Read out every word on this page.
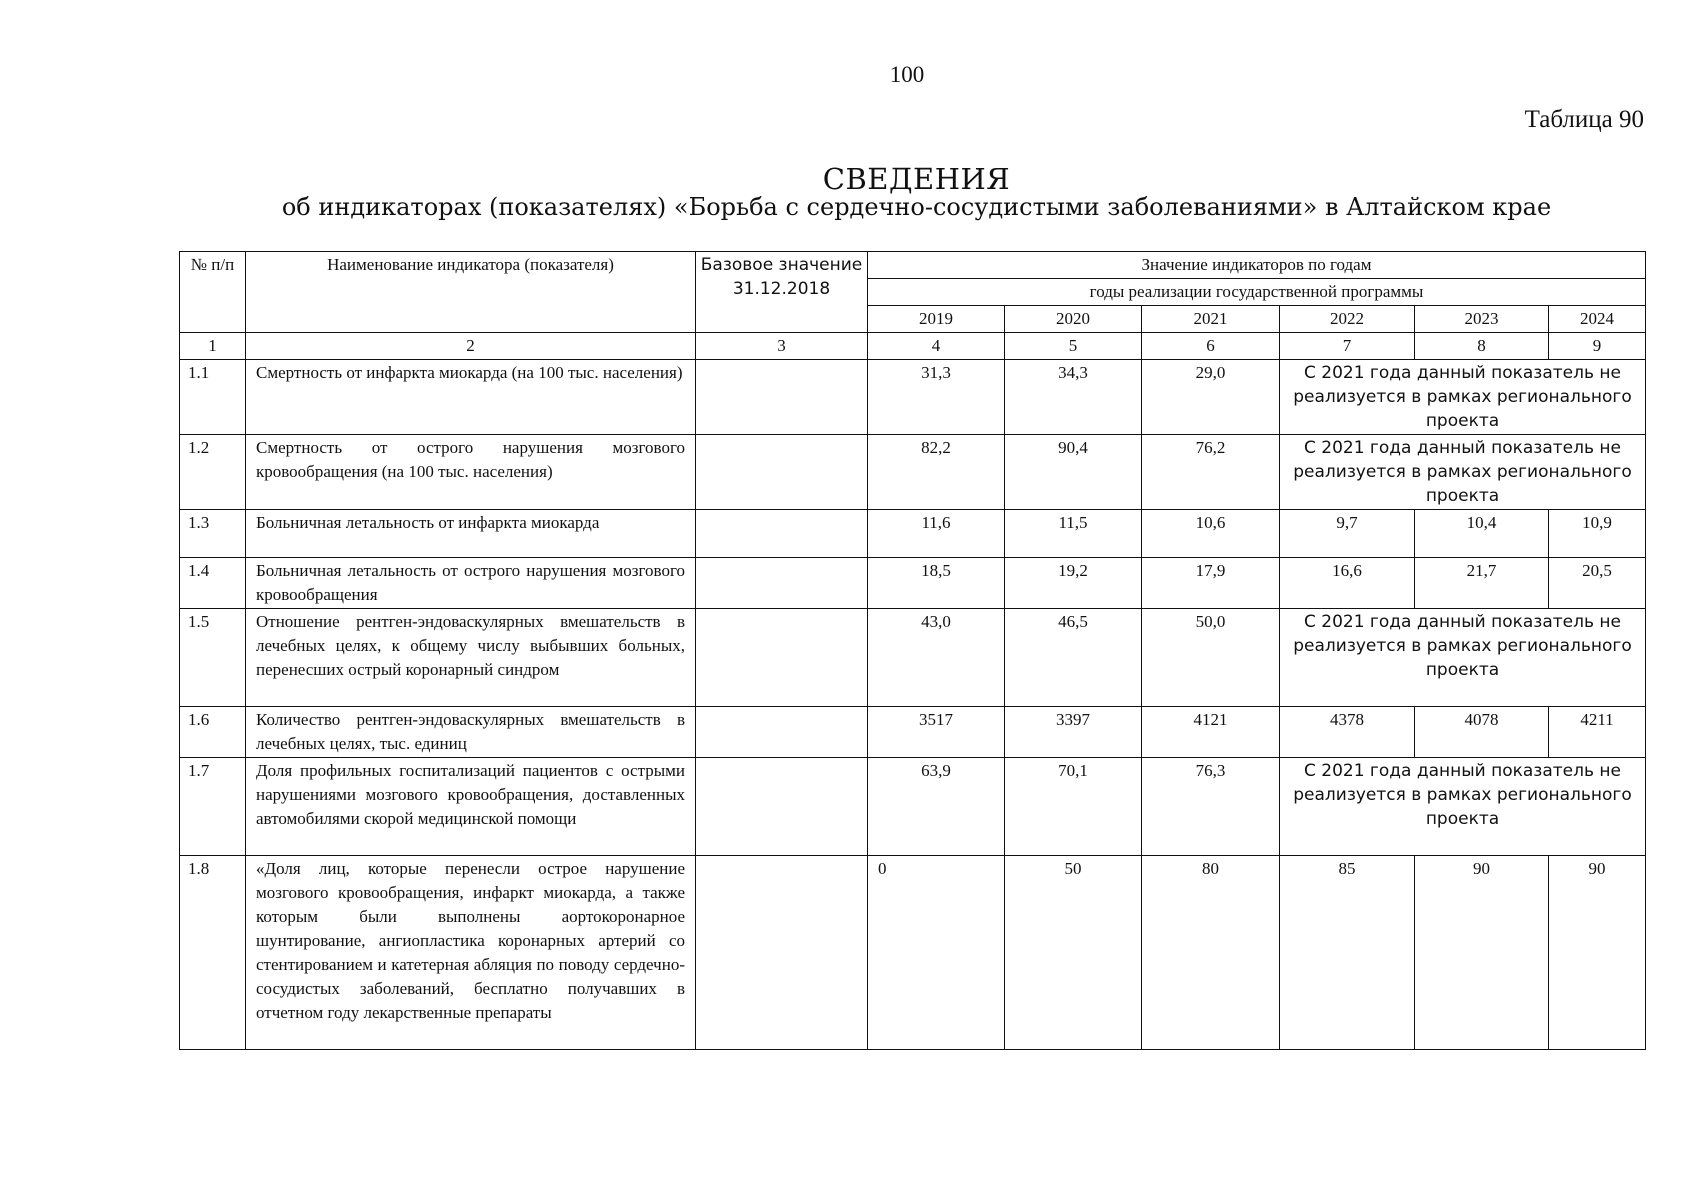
100
Таблица 90
СВЕДЕНИЯ
об индикаторах (показателях) «Борьба с сердечно-сосудистыми заболеваниями» в Алтайском крае
№ п/п	Наименование индикатора (показателя)	Базовое значение 31.12.2018	Значение индикаторов по годам					
			годы реализации государственной программы					
			2019	2020	2021	2022	2023	2024
1	2	3	4	5	6	7	8	9
1.1	Смертность от инфаркта миокарда (на 100 тыс. населения)		31,3	34,3	29,0	С 2021 года данный показатель не реализуется в рамках регионального проекта		
1.2	Смертность от острого нарушения мозгового кровообращения (на 100 тыс. населения)		82,2	90,4	76,2	С 2021 года данный показатель не реализуется в рамках регионального проекта		
1.3	Больничная летальность от инфаркта миокарда		11,6	11,5	10,6	9,7	10,4	10,9
1.4	Больничная летальность от острого нарушения мозгового кровообращения		18,5	19,2	17,9	16,6	21,7	20,5
1.5	Отношение рентген-эндоваскулярных вмешательств в лечебных целях, к общему числу выбывших больных, перенесших острый коронарный синдром		43,0	46,5	50,0	С 2021 года данный показатель не реализуется в рамках регионального проекта		
1.6	Количество рентген-эндоваскулярных вмешательств в лечебных целях, тыс. единиц		3517	3397	4121	4378	4078	4211
1.7	Доля профильных госпитализаций пациентов с острыми нарушениями мозгового кровообращения, доставленных автомобилями скорой медицинской помощи		63,9	70,1	76,3	С 2021 года данный показатель не реализуется в рамках регионального проекта		
1.8	«Доля лиц, которые перенесли острое нарушение мозгового кровообращения, инфаркт миокарда, а также которым были выполнены аортокоронарное шунтирование, ангиопластика коронарных артерий со стентированием и катетерная абляция по поводу сердечно-сосудистых заболеваний, бесплатно получавших в отчетном году лекарственные препараты		0	50	80	85	90	90
